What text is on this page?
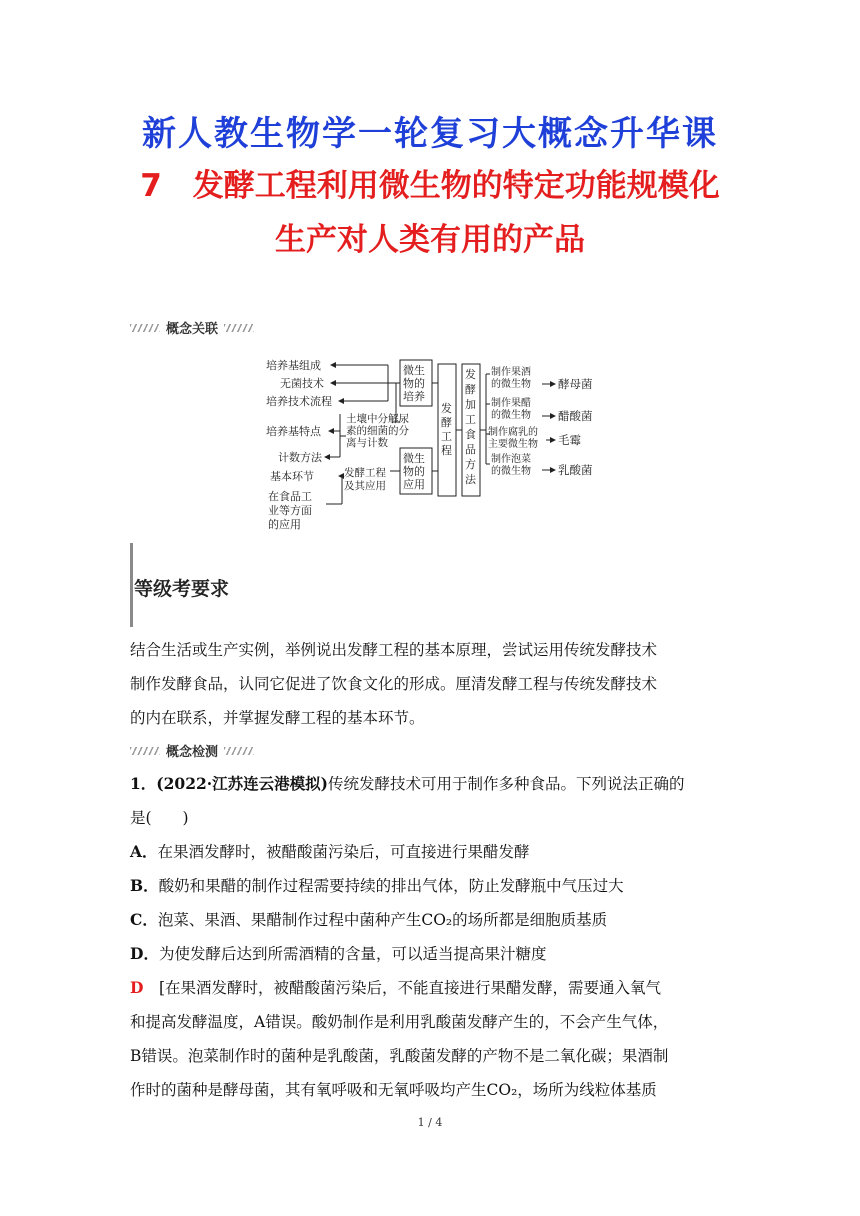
新人教生物学一轮复习大概念升华课
7　发酵工程利用微生物的特定功能规模化
生产对人类有用的产品
概念关联
培养基组成
无菌技术
培养技术流程
培养基特点
计数方法
基本环节
在食品工
业等方面
的应用
土壤中分解尿
素的细菌的分
离与计数
发酵工程
及其应用
微生
物的
培养
微生
物的
应用
发
酵
工
程
发
酵
加
工
食
品
方
法
制作果酒
的微生物
制作果醋
的微生物
制作腐乳的
主要微生物
制作泡菜
的微生物
酵母菌
醋酸菌
毛霉
乳酸菌
等级考要求
结合生活或生产实例，举例说出发酵工程的基本原理，尝试运用传统发酵技术
制作发酵食品，认同它促进了饮食文化的形成。厘清发酵工程与传统发酵技术
的内在联系，并掌握发酵工程的基本环节。
概念检测
1．(2022·江苏连云港模拟)传统发酵技术可用于制作多种食品。下列说法正确的
是(　　)
A．在果酒发酵时，被醋酸菌污染后，可直接进行果醋发酵
B．酸奶和果醋的制作过程需要持续的排出气体，防止发酵瓶中气压过大
C．泡菜、果酒、果醋制作过程中菌种产生CO₂的场所都是细胞质基质
D．为使发酵后达到所需酒精的含量，可以适当提高果汁糖度
D　 [在果酒发酵时，被醋酸菌污染后，不能直接进行果醋发酵，需要通入氧气
和提高发酵温度，A错误。酸奶制作是利用乳酸菌发酵产生的，不会产生气体，
B错误。泡菜制作时的菌种是乳酸菌，乳酸菌发酵的产物不是二氧化碳；果酒制
作时的菌种是酵母菌，其有氧呼吸和无氧呼吸均产生CO₂，场所为线粒体基质
1 / 4
